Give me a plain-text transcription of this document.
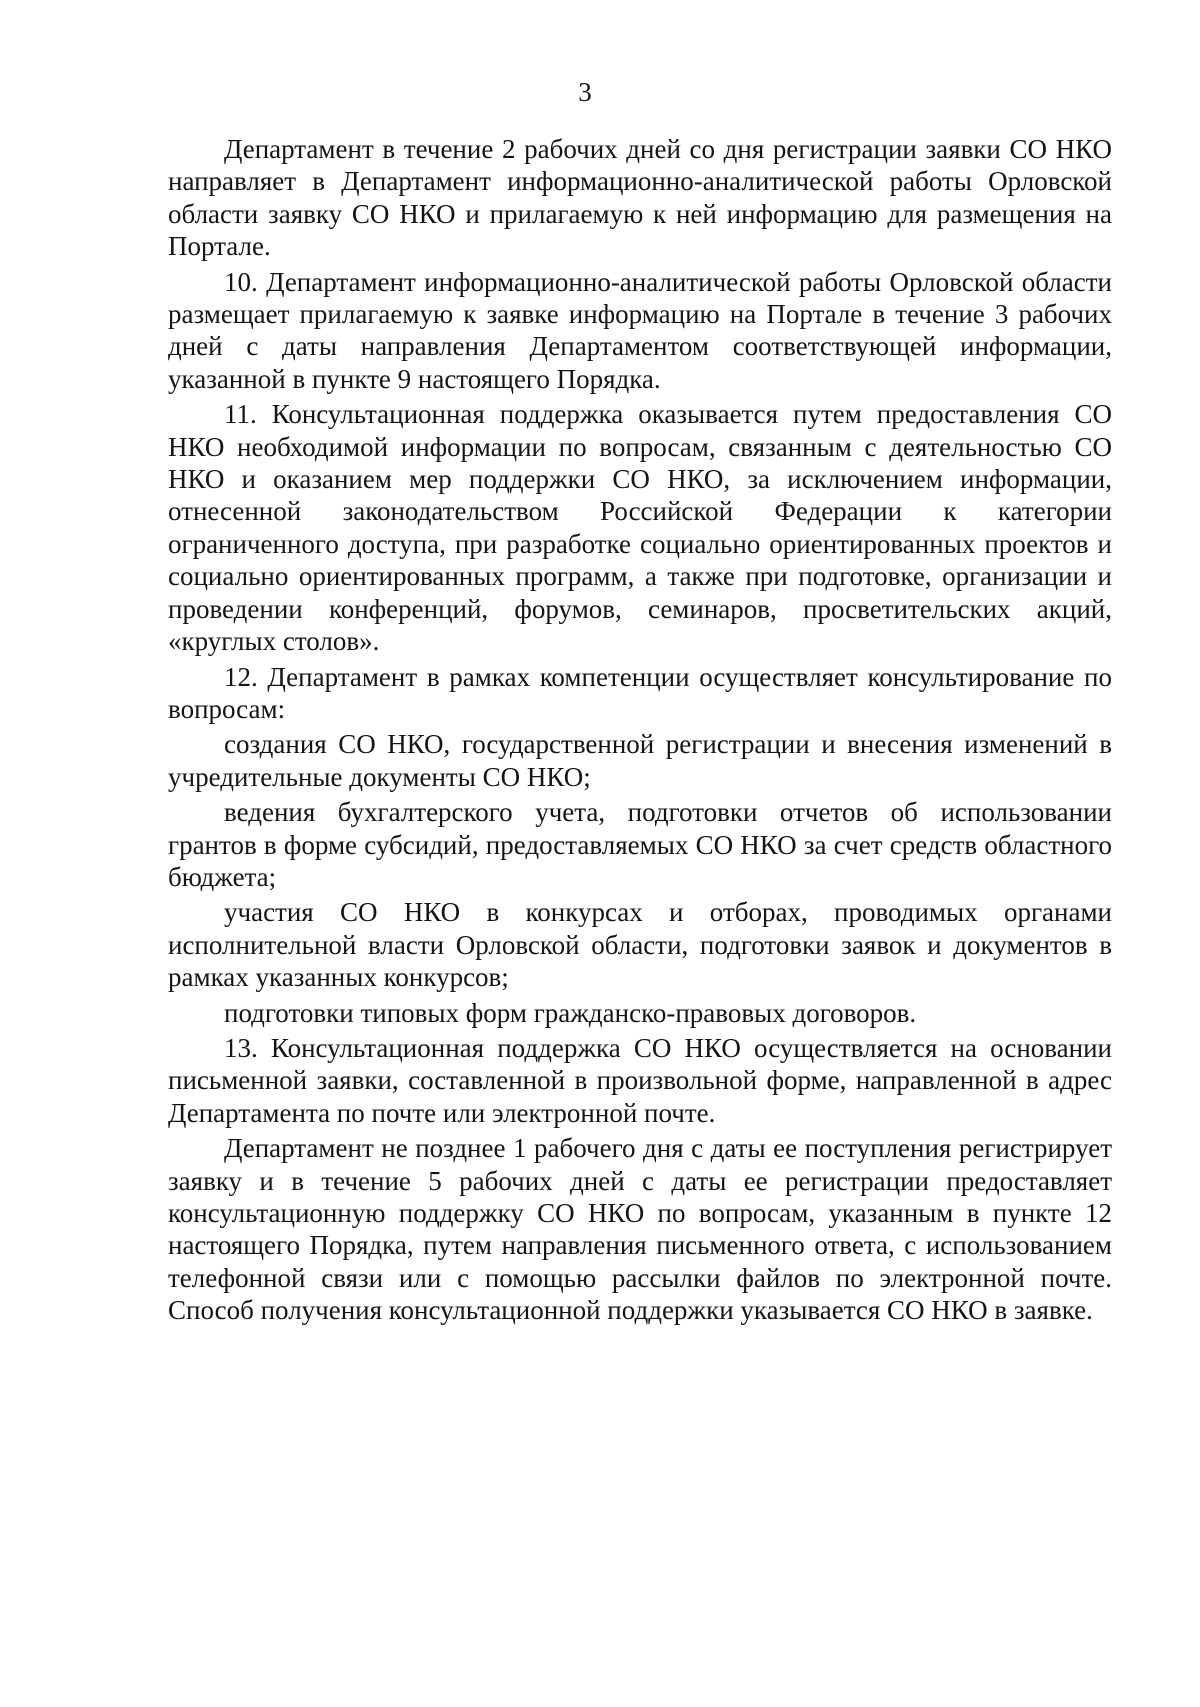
3

Департамент в течение 2 рабочих дней со дня регистрации заявки СО НКО направляет в Департамент информационно-аналитической работы Орловской области заявку СО НКО и прилагаемую к ней информацию для размещения на Портале.

10. Департамент информационно-аналитической работы Орловской области размещает прилагаемую к заявке информацию на Портале в течение 3 рабочих дней с даты направления Департаментом соответствующей информации, указанной в пункте 9 настоящего Порядка.

11. Консультационная поддержка оказывается путем предоставления СО НКО необходимой информации по вопросам, связанным с деятельностью СО НКО и оказанием мер поддержки СО НКО, за исключением информации, отнесенной законодательством Российской Федерации к категории ограниченного доступа, при разработке социально ориентированных проектов и социально ориентированных программ, а также при подготовке, организации и проведении конференций, форумов, семинаров, просветительских акций, «круглых столов».

12. Департамент в рамках компетенции осуществляет консультирование по вопросам:

создания СО НКО, государственной регистрации и внесения изменений в учредительные документы СО НКО;

ведения бухгалтерского учета, подготовки отчетов об использовании грантов в форме субсидий, предоставляемых СО НКО за счет средств областного бюджета;

участия СО НКО в конкурсах и отборах, проводимых органами исполнительной власти Орловской области, подготовки заявок и документов в рамках указанных конкурсов;

подготовки типовых форм гражданско-правовых договоров.

13. Консультационная поддержка СО НКО осуществляется на основании письменной заявки, составленной в произвольной форме, направленной в адрес Департамента по почте или электронной почте.

Департамент не позднее 1 рабочего дня с даты ее поступления регистрирует заявку и в течение 5 рабочих дней с даты ее регистрации предоставляет консультационную поддержку СО НКО по вопросам, указанным в пункте 12 настоящего Порядка, путем направления письменного ответа, с использованием телефонной связи или с помощью рассылки файлов по электронной почте. Способ получения консультационной поддержки указывается СО НКО в заявке.
